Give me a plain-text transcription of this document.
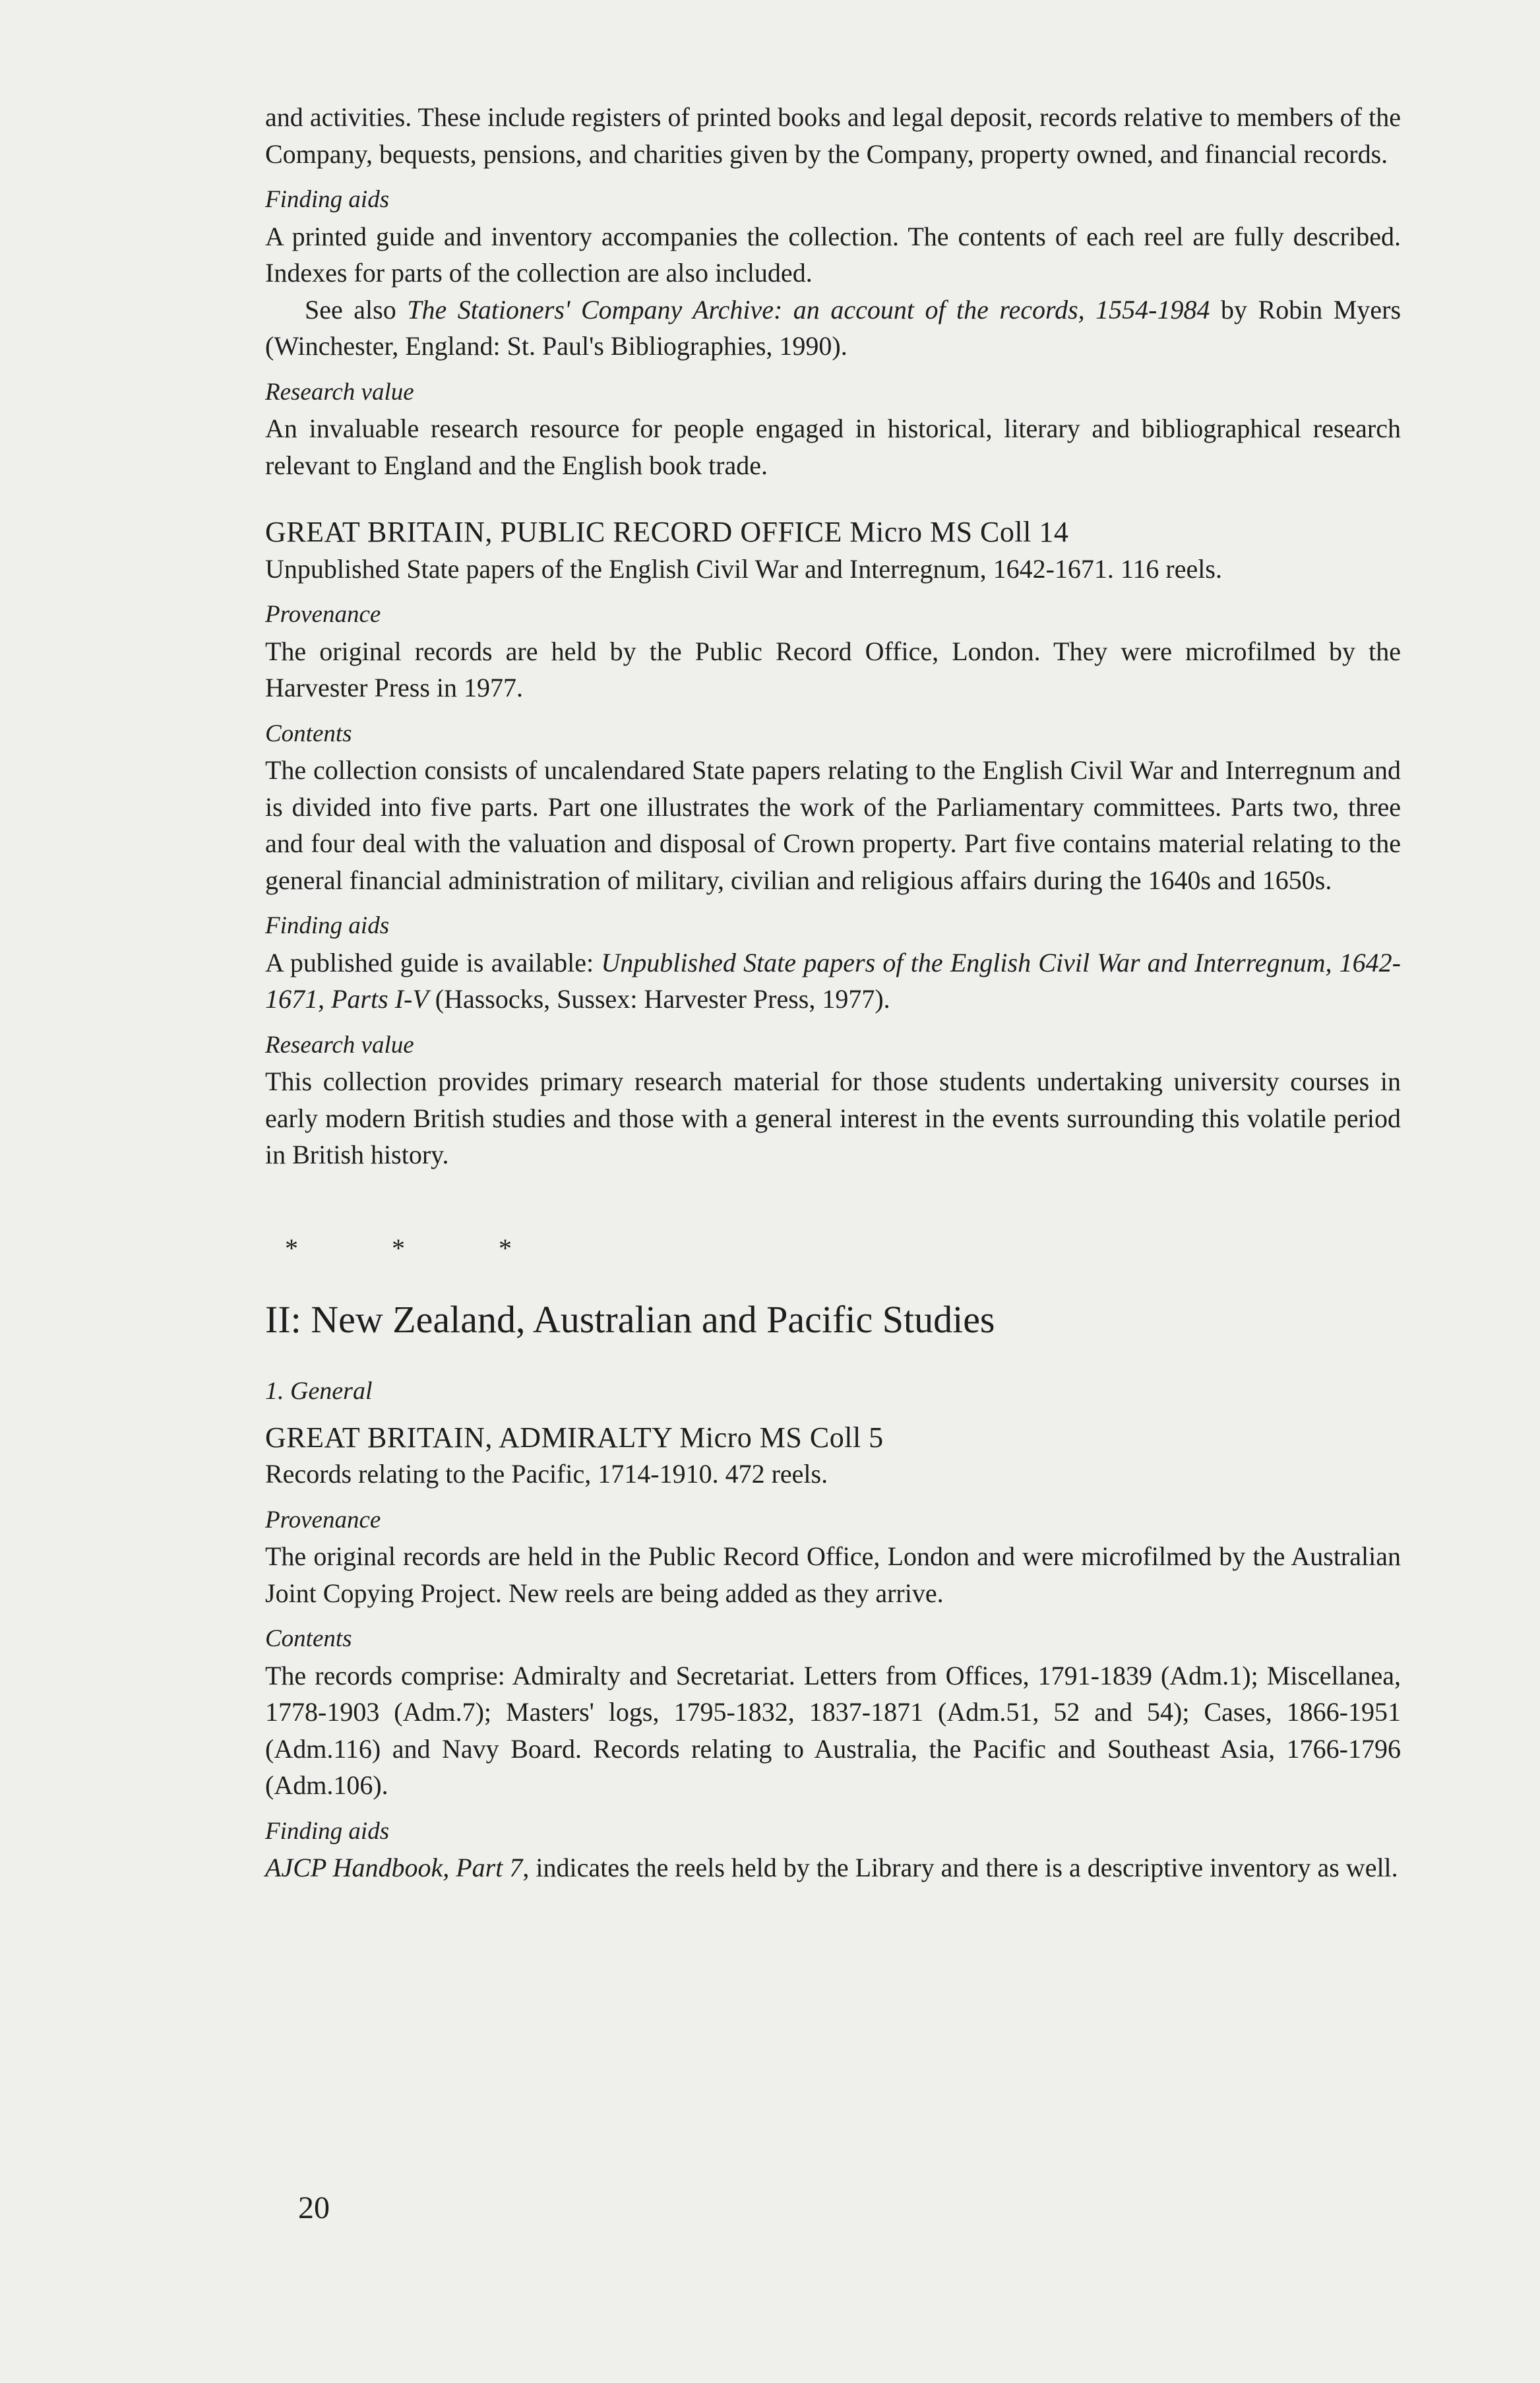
and activities. These include registers of printed books and legal deposit, records relative to members of the Company, bequests, pensions, and charities given by the Company, property owned, and financial records.

Finding aids

A printed guide and inventory accompanies the collection. The contents of each reel are fully described. Indexes for parts of the collection are also included.

See also The Stationers' Company Archive: an account of the records, 1554-1984 by Robin Myers (Winchester, England: St. Paul's Bibliographies, 1990).

Research value

An invaluable research resource for people engaged in historical, literary and bibliographical research relevant to England and the English book trade.

GREAT BRITAIN, PUBLIC RECORD OFFICE Micro MS Coll 14

Unpublished State papers of the English Civil War and Interregnum, 1642-1671. 116 reels.

Provenance

The original records are held by the Public Record Office, London. They were microfilmed by the Harvester Press in 1977.

Contents

The collection consists of uncalendared State papers relating to the English Civil War and Interregnum and is divided into five parts. Part one illustrates the work of the Parliamentary committees. Parts two, three and four deal with the valuation and disposal of Crown property. Part five contains material relating to the general financial administration of military, civilian and religious affairs during the 1640s and 1650s.

Finding aids

A published guide is available: Unpublished State papers of the English Civil War and Interregnum, 1642-1671, Parts I-V (Hassocks, Sussex: Harvester Press, 1977).

Research value

This collection provides primary research material for those students undertaking university courses in early modern British studies and those with a general interest in the events surrounding this volatile period in British history.

* * *

II: New Zealand, Australian and Pacific Studies

1. General

GREAT BRITAIN, ADMIRALTY Micro MS Coll 5

Records relating to the Pacific, 1714-1910. 472 reels.

Provenance

The original records are held in the Public Record Office, London and were microfilmed by the Australian Joint Copying Project. New reels are being added as they arrive.

Contents

The records comprise: Admiralty and Secretariat. Letters from Offices, 1791-1839 (Adm.1); Miscellanea, 1778-1903 (Adm.7); Masters' logs, 1795-1832, 1837-1871 (Adm.51, 52 and 54); Cases, 1866-1951 (Adm.116) and Navy Board. Records relating to Australia, the Pacific and Southeast Asia, 1766-1796 (Adm.106).

Finding aids

AJCP Handbook, Part 7, indicates the reels held by the Library and there is a descriptive inventory as well.

20
